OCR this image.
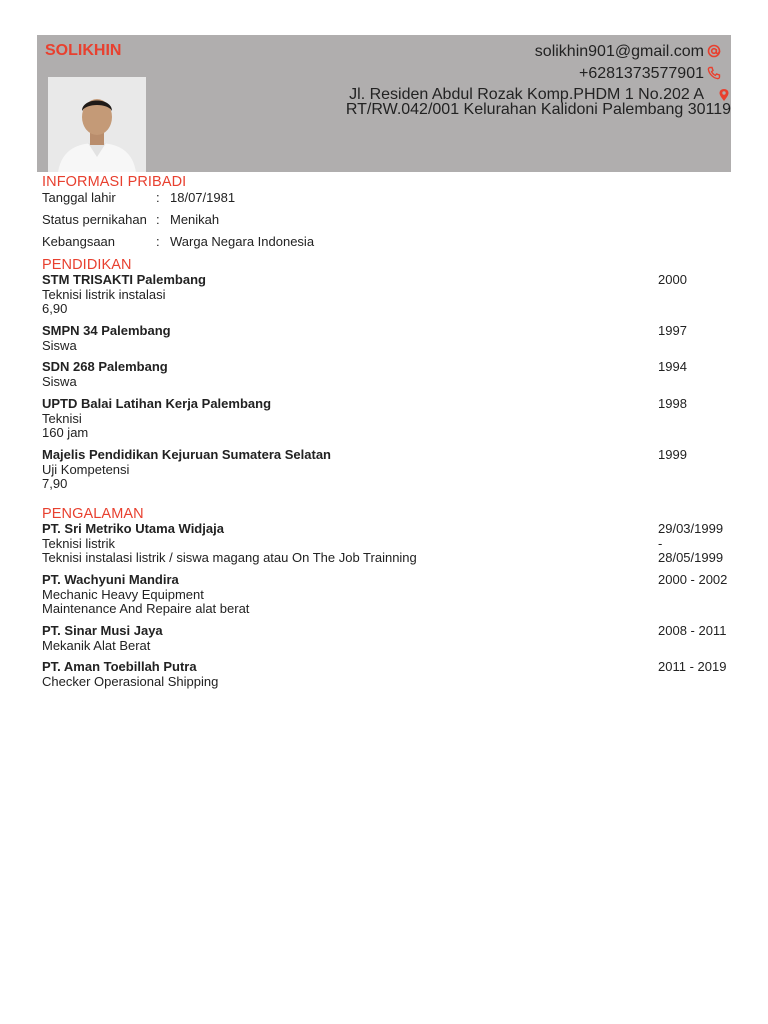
SOLIKHIN	solikhin901@gmail.com
+6281373577901
Jl. Residen Abdul Rozak Komp.PHDM 1 No.202 A
RT/RW.042/001 Kelurahan Kalidoni Palembang 30119
INFORMASI PRIBADI
Tanggal lahir	: 18/07/1981
Status pernikahan : Menikah
Kebangsaan	: Warga Negara Indonesia
PENDIDIKAN
STM TRISAKTI Palembang
Teknisi listrik instalasi
6,90
2000
SMPN 34 Palembang
Siswa
1997
SDN 268 Palembang
Siswa
1994
UPTD Balai Latihan Kerja Palembang
Teknisi
160 jam
1998
Majelis Pendidikan Kejuruan Sumatera Selatan
Uji Kompetensi
7,90
1999
PENGALAMAN
PT. Sri Metriko Utama Widjaja
Teknisi listrik
Teknisi instalasi listrik / siswa magang atau On The Job Trainning
29/03/1999
-
28/05/1999
PT. Wachyuni Mandira
Mechanic Heavy Equipment
Maintenance And Repaire alat berat
2000 - 2002
PT. Sinar Musi Jaya
Mekanik Alat Berat
2008 - 2011
PT. Aman Toebillah Putra
Checker Operasional Shipping
2011 - 2019
